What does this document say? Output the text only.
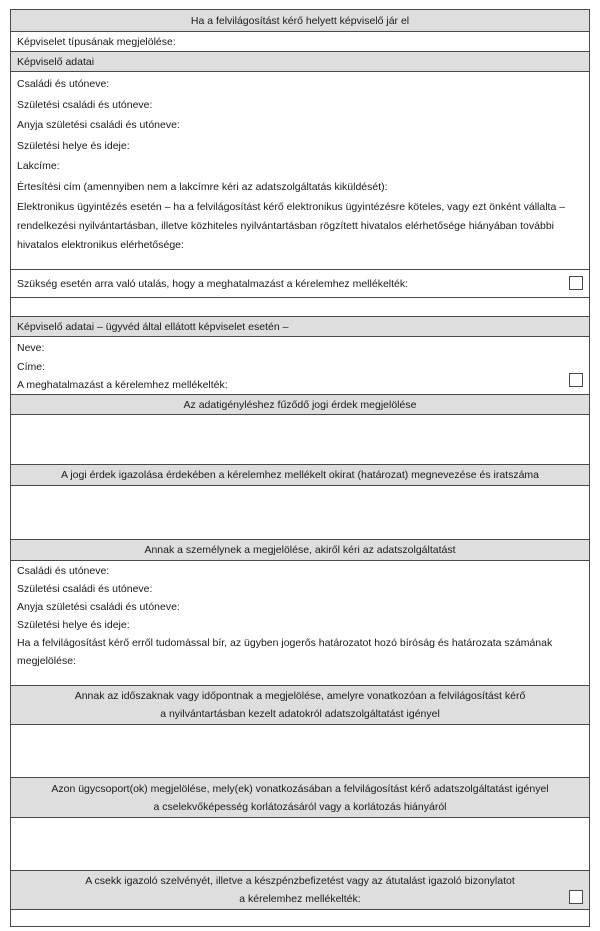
Ha a felvilágosítást kérő helyett képviselő jár el
Képviselet típusának megjelölése:
Képviselő adatai
Családi és utóneve:
Születési családi és utóneve:
Anyja születési családi és utóneve:
Születési helye és ideje:
Lakcíme:
Értesítési cím (amennyiben nem a lakcímre kéri az adatszolgáltatás kiküldését):
Elektronikus ügyintézés esetén – ha a felvilágosítást kérő elektronikus ügyintézésre köteles, vagy ezt önként vállalta – rendelkezési nyilvántartásban, illetve közhiteles nyilvántartásban rögzített hivatalos elérhetősége hiányában további hivatalos elektronikus elérhetősége:
Szükség esetén arra való utalás, hogy a meghatalmazást a kérelemhez mellékelték:
Képviselő adatai – ügyvéd által ellátott képviselet esetén –
Neve:
Címe:
A meghatalmazást a kérelemhez mellékelték:
Az adatigényléshez fűződő jogi érdek megjelölése
A jogi érdek igazolása érdekében a kérelemhez mellékelt okirat (határozat) megnevezése és iratszáma
Annak a személynek a megjelölése, akiről kéri az adatszolgáltatást
Családi és utóneve:
Születési családi és utóneve:
Anyja születési családi és utóneve:
Születési helye és ideje:
Ha a felvilágosítást kérő erről tudomással bír, az ügyben jogerős határozatot hozó bíróság és határozata számának megjelölése:
Annak az időszaknak vagy időpontnak a megjelölése, amelyre vonatkozóan a felvilágosítást kérő
a nyilvántartásban kezelt adatokról adatszolgáltatást igényel
Azon ügycsoport(ok) megjelölése, mely(ek) vonatkozásában a felvilágosítást kérő adatszolgáltatást igényel
a cselekvőképesség korlátozásáról vagy a korlátozás hiányáról
A csekk igazoló szelvényét, illetve a készpénzbefizetést vagy az átutalást igazoló bizonylatot
a kérelemhez mellékelték:
